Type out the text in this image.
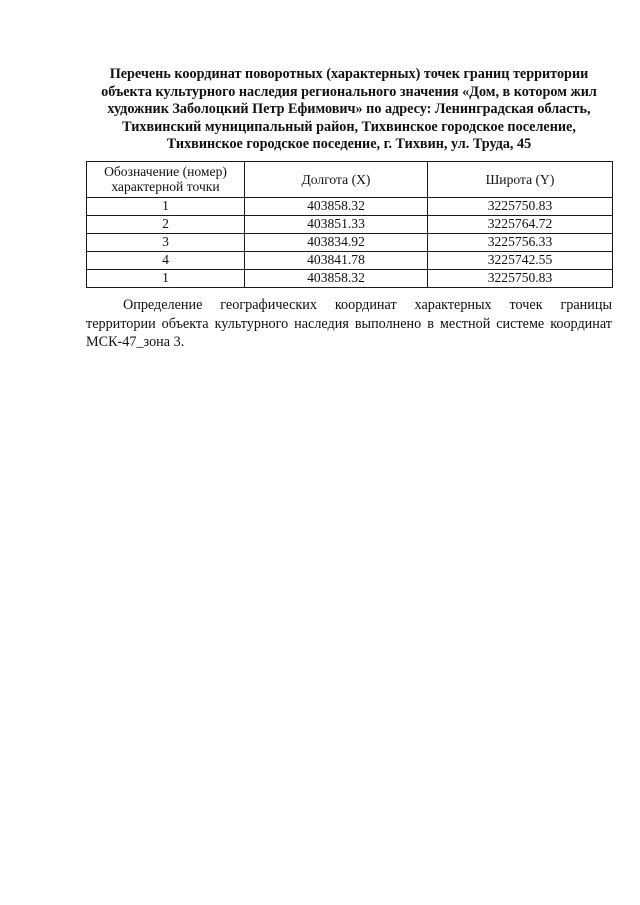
Перечень координат поворотных (характерных) точек границ территории
объекта культурного наследия регионального значения «Дом, в котором жил
художник Заболоцкий Петр Ефимович» по адресу: Ленинградская область,
Тихвинский муниципальный район, Тихвинское городское поселение,
Тихвинское городское поседение, г. Тихвин, ул. Труда, 45
Обозначение (номер)
характерной точки	Долгота (X)	Широта (Y)
1	403858.32	3225750.83
2	403851.33	3225764.72
3	403834.92	3225756.33
4	403841.78	3225742.55
1	403858.32	3225750.83

Определение географических координат характерных точек границы территории объекта культурного наследия выполнено в местной системе координат МСК-47_зона 3.
